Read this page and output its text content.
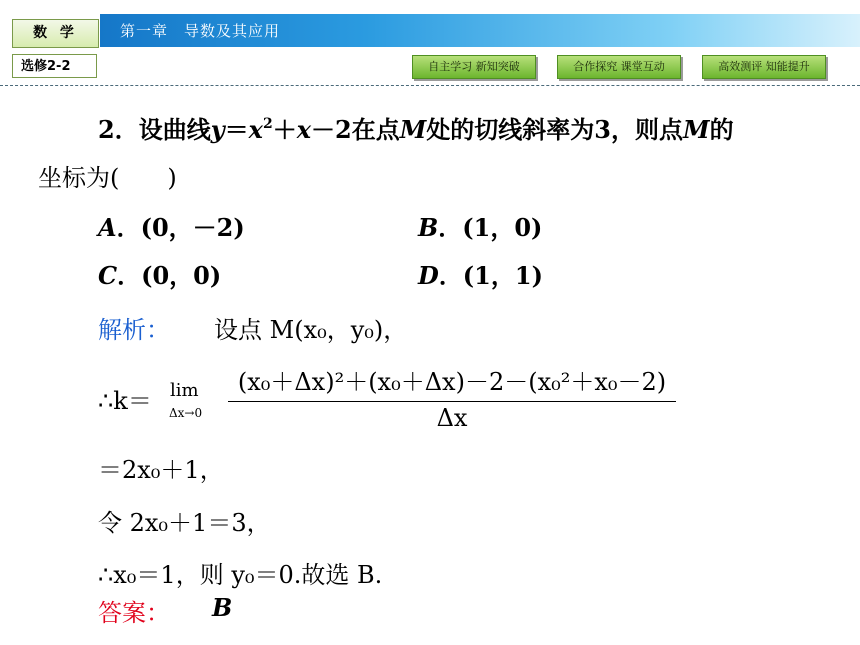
第一章　导数及其应用
数 学
选修2-2	自主学习 新知突破	合作探究 课堂互动	高效测评 知能提升
2．设曲线$y=x^2+x-2$在点M处的切线斜率为3，则点M的
坐标为(　　)
A．(0，－2)	B．(1，0)
C．(0，0)	D．(1，1)
解析： 设点 M(x₀，y₀)，
∴k＝ lim
Δx→0
(x₀＋Δx)²＋(x₀＋Δx)－2－(x₀²＋x₀－2)
Δx
＝2x₀＋1，
令 2x₀＋1＝3，
∴x₀＝1，则 y₀＝0.故选 B.
答案： B
